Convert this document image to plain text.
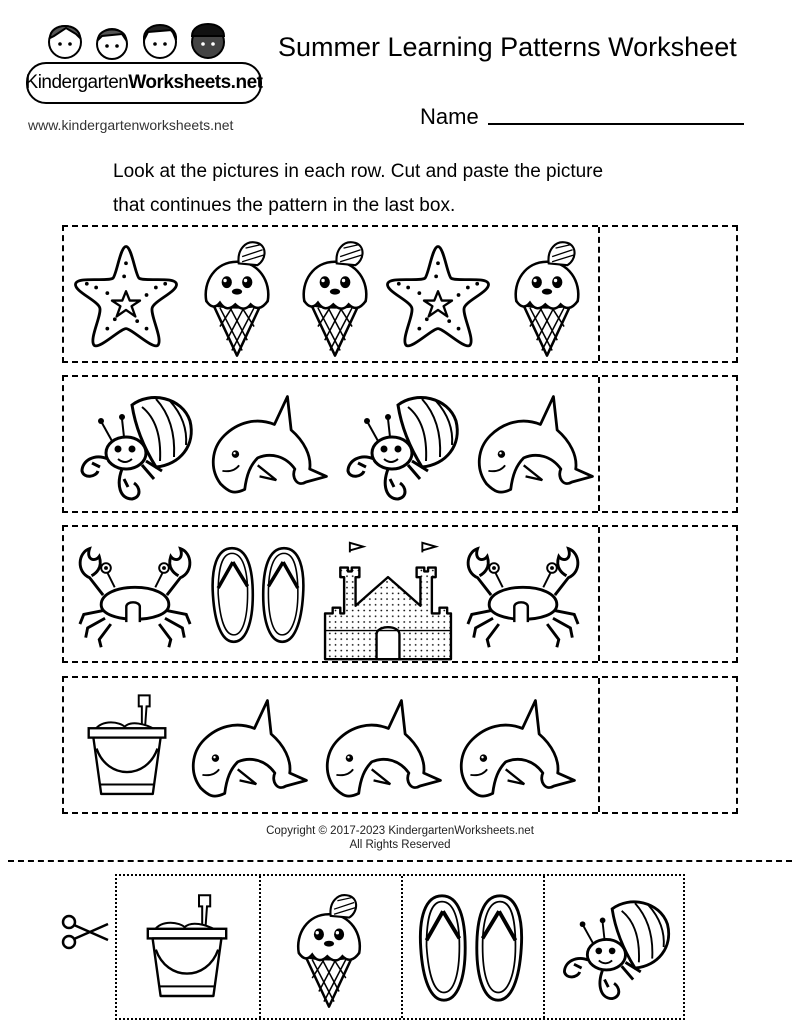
KindergartenWorksheets.net
www.kindergartenworksheets.net
Summer Learning Patterns Worksheet
Name
Look at the pictures in each row. Cut and paste the picture
that continues the pattern in the last box.
Copyright © 2017-2023 KindergartenWorksheets.net
All Rights Reserved
